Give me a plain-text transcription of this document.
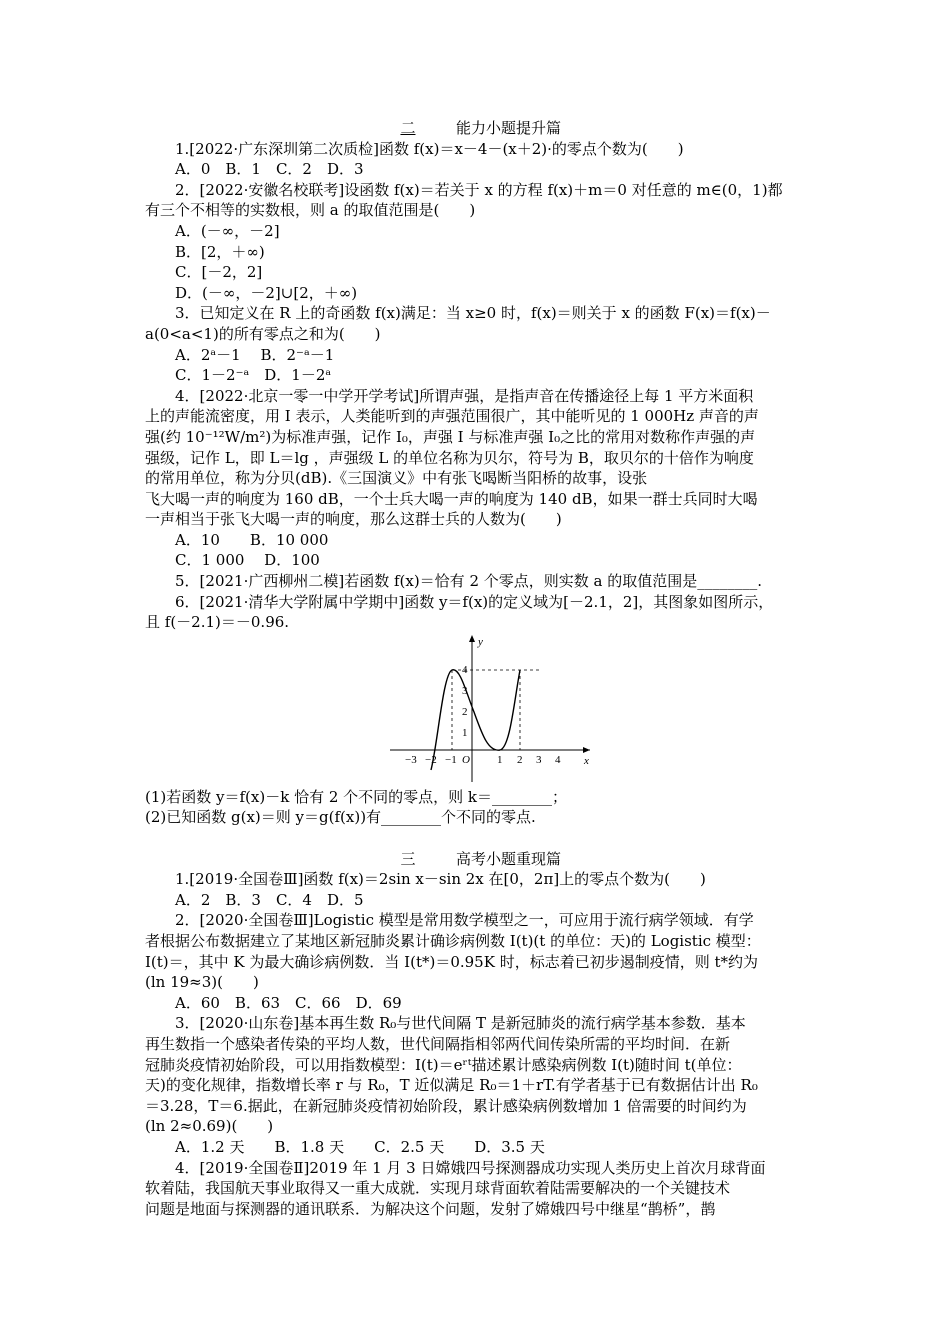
二	能力小题提升篇
1.[2022·广东深圳第二次质检]函数 f(x)＝x－4－(x＋2)·的零点个数为(　　)
A．0　B．1　C．2　D．3
2．[2022·安徽名校联考]设函数 f(x)＝若关于 x 的方程 f(x)＋m＝0 对任意的 m∈(0，1)都
有三个不相等的实数根，则 a 的取值范围是(　　)
A．(－∞，－2]
B．[2，＋∞)
C．[－2，2]
D．(－∞，－2]∪[2，＋∞)
3．已知定义在 R 上的奇函数 f(x)满足：当 x≥0 时，f(x)＝则关于 x 的函数 F(x)＝f(x)－
a(0<a<1)的所有零点之和为(　　)
A．2ᵃ－1　 B．2⁻ᵃ－1
C．1－2⁻ᵃ　D．1－2ᵃ
4．[2022·北京一零一中学开学考试]所谓声强，是指声音在传播途径上每 1 平方米面积
上的声能流密度，用 I 表示，人类能听到的声强范围很广，其中能听见的 1 000Hz 声音的声
强(约 10⁻¹²W/m²)为标准声强，记作 I₀，声强 I 与标准声强 I₀之比的常用对数称作声强的声
强级，记作 L，即 L＝lg ，声强级 L 的单位名称为贝尔，符号为 B，取贝尔的十倍作为响度
的常用单位，称为分贝(dB).《三国演义》中有张飞喝断当阳桥的故事，设张
飞大喝一声的响度为 160 dB，一个士兵大喝一声的响度为 140 dB，如果一群士兵同时大喝
一声相当于张飞大喝一声的响度，那么这群士兵的人数为(　　)
A．10　　B．10 000
C．1 000　 D．100
5．[2021·广西柳州二模]若函数 f(x)＝恰有 2 个零点，则实数 a 的取值范围是________.
6．[2021·清华大学附属中学期中]函数 y＝f(x)的定义域为[－2.1，2]，其图象如图所示，
且 f(－2.1)＝－0.96.
(1)若函数 y＝f(x)－k 恰有 2 个不同的零点，则 k＝________；
(2)已知函数 g(x)＝则 y＝g(f(x))有________个不同的零点.
三	高考小题重现篇
1.[2019·全国卷Ⅲ]函数 f(x)＝2sin x－sin 2x 在[0，2π]上的零点个数为(　　)
A．2　B．3　C．4　D．5
2．[2020·全国卷Ⅲ]Logistic 模型是常用数学模型之一，可应用于流行病学领域．有学
者根据公布数据建立了某地区新冠肺炎累计确诊病例数 I(t)(t 的单位：天)的 Logistic 模型：
I(t)＝，其中 K 为最大确诊病例数．当 I(t*)＝0.95K 时，标志着已初步遏制疫情，则 t*约为
(ln 19≈3)(　　)
A．60　B．63　C．66　D．69
3．[2020·山东卷]基本再生数 R₀与世代间隔 T 是新冠肺炎的流行病学基本参数．基本
再生数指一个感染者传染的平均人数，世代间隔指相邻两代间传染所需的平均时间．在新
冠肺炎疫情初始阶段，可以用指数模型：I(t)＝eʳᵗ描述累计感染病例数 I(t)随时间 t(单位：
天)的变化规律，指数增长率 r 与 R₀，T 近似满足 R₀＝1＋rT.有学者基于已有数据估计出 R₀
＝3.28，T＝6.据此，在新冠肺炎疫情初始阶段，累计感染病例数增加 1 倍需要的时间约为
(ln 2≈0.69)(　　)
A．1.2 天　　B．1.8 天　　C．2.5 天　　D．3.5 天
4．[2019·全国卷Ⅱ]2019 年 1 月 3 日嫦娥四号探测器成功实现人类历史上首次月球背面
软着陆，我国航天事业取得又一重大成就．实现月球背面软着陆需要解决的一个关键技术
问题是地面与探测器的通讯联系．为解决这个问题，发射了嫦娥四号中继星“鹊桥”，鹊
y
x
O
1
2
3
4
−3 −2 −1	1 2 3 4
